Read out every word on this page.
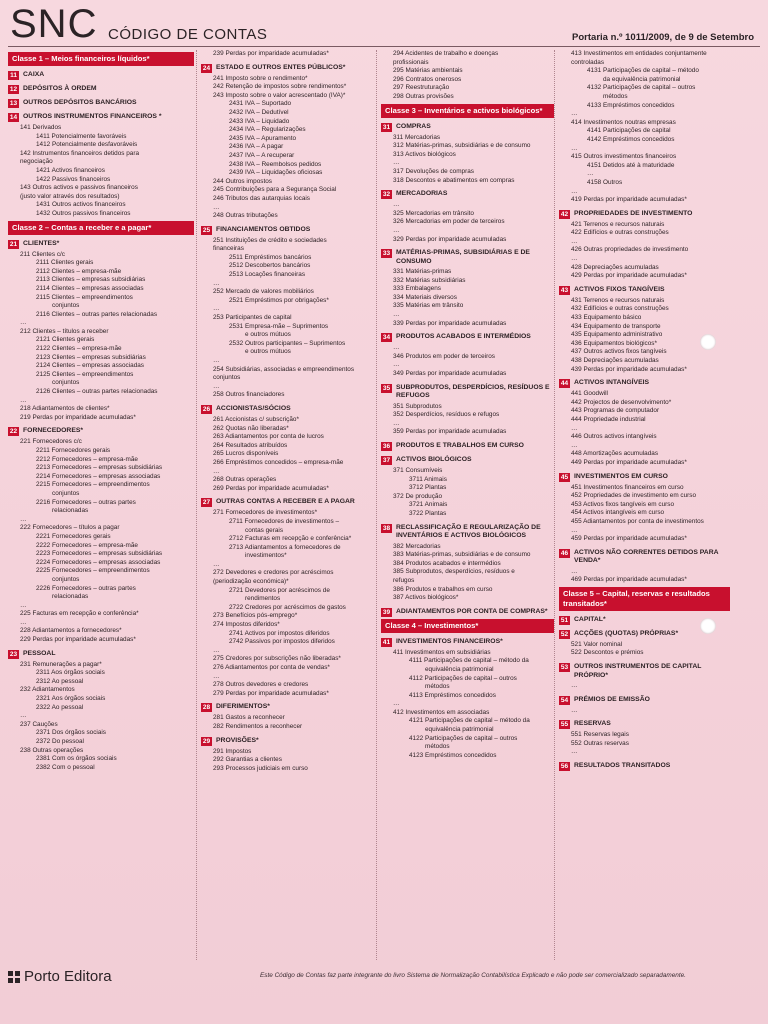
SNC CÓDIGO DE CONTAS	Portaria n.º 1011/2009, de 9 de Setembro
Classe 1 – Meios financeiros líquidos*
11 CAIXA
12 DEPÓSITOS À ORDEM
13 OUTROS DEPÓSITOS BANCÁRIOS
14 OUTROS INSTRUMENTOS FINANCEIROS *
141 Derivados
1411 Potencialmente favoráveis
1412 Potencialmente desfavoráveis
142 Instrumentos financeiros detidos para
negociação
1421 Activos financeiros
1422 Passivos financeiros
143 Outros activos e passivos financeiros
(justo valor através dos resultados)
1431 Outros activos financeiros
1432 Outros passivos financeiros
Classe 2 – Contas a receber e a pagar*
21 CLIENTES*
211 Clientes c/c
2111 Clientes gerais
2112 Clientes – empresa-mãe
2113 Clientes – empresas subsidiárias
2114 Clientes – empresas associadas
2115 Clientes – empreendimentos
conjuntos
2116 Clientes – outras partes relacionadas
…
212 Clientes – títulos a receber
2121 Clientes gerais
2122 Clientes – empresa-mãe
2123 Clientes – empresas subsidiárias
2124 Clientes – empresas associadas
2125 Clientes – empreendimentos
conjuntos
2126 Clientes – outras partes relacionadas
…
218 Adiantamentos de clientes*
219 Perdas por imparidade acumuladas*
22 FORNECEDORES*
221 Fornecedores c/c
2211 Fornecedores gerais
2212 Fornecedores – empresa-mãe
2213 Fornecedores – empresas subsidiárias
2214 Fornecedores – empresas associadas
2215 Fornecedores – empreendimentos
conjuntos
2216 Fornecedores – outras partes
relacionadas
…
222 Fornecedores – títulos a pagar
2221 Fornecedores gerais
2222 Fornecedores – empresa-mãe
2223 Fornecedores – empresas subsidiárias
2224 Fornecedores – empresas associadas
2225 Fornecedores – empreendimentos
conjuntos
2226 Fornecedores – outras partes
relacionadas
…
225 Facturas em recepção e conferência*
…
228 Adiantamentos a fornecedores*
229 Perdas por imparidade acumuladas*
23 PESSOAL
231 Remunerações a pagar*
2311 Aos órgãos sociais
2312 Ao pessoal
232 Adiantamentos
2321 Aos órgãos sociais
2322 Ao pessoal
…
237 Cauções
2371 Dos órgãos sociais
2372 Do pessoal
238 Outras operações
2381 Com os órgãos sociais
2382 Com o pessoal
239 Perdas por imparidade acumuladas*
24 ESTADO E OUTROS ENTES PÚBLICOS*
241 Imposto sobre o rendimento*
242 Retenção de impostos sobre rendimentos*
243 Imposto sobre o valor acrescentado (IVA)*
2431 IVA – Suportado
2432 IVA – Dedutível
2433 IVA – Liquidado
2434 IVA – Regularizações
2435 IVA – Apuramento
2436 IVA – A pagar
2437 IVA – A recuperar
2438 IVA – Reembolsos pedidos
2439 IVA – Liquidações oficiosas
244 Outros impostos
245 Contribuições para a Segurança Social
246 Tributos das autarquias locais
…
248 Outras tributações
25 FINANCIAMENTOS OBTIDOS
251 Instituições de crédito e sociedades
financeiras
2511 Empréstimos bancários
2512 Descobertos bancários
2513 Locações financeiras
…
252 Mercado de valores mobiliários
2521 Empréstimos por obrigações*
…
253 Participantes de capital
2531 Empresa-mãe – Suprimentos
e outros mútuos
2532 Outros participantes – Suprimentos
e outros mútuos
…
254 Subsidiárias, associadas e empreendimentos
conjuntos
…
258 Outros financiadores
26 ACCIONISTAS/SÓCIOS
261 Accionistas c/ subscrição*
262 Quotas não liberadas*
263 Adiantamentos por conta de lucros
264 Resultados atribuídos
265 Lucros disponíveis
266 Empréstimos concedidos – empresa-mãe
…
268 Outras operações
269 Perdas por imparidade acumuladas*
27 OUTRAS CONTAS A RECEBER E A PAGAR
271 Fornecedores de investimentos*
2711 Fornecedores de investimentos –
contas gerais
2712 Facturas em recepção e conferência*
2713 Adiantamentos a fornecedores de
investimentos*
…
272 Devedores e credores por acréscimos
(periodização económica)*
2721 Devedores por acréscimos de
rendimentos
2722 Credores por acréscimos de gastos
273 Benefícios pós-emprego*
274 Impostos diferidos*
2741 Activos por impostos diferidos
2742 Passivos por impostos diferidos
…
275 Credores por subscrições não liberadas*
276 Adiantamentos por conta de vendas*
…
278 Outros devedores e credores
279 Perdas por imparidade acumuladas*
28 DIFERIMENTOS*
281 Gastos a reconhecer
282 Rendimentos a reconhecer
29 PROVISÕES*
291 Impostos
292 Garantias a clientes
293 Processos judiciais em curso
294 Acidentes de trabalho e doenças
profissionais
295 Matérias ambientais
296 Contratos onerosos
297 Reestruturação
298 Outras provisões
Classe 3 – Inventários e activos biológicos*
31 COMPRAS
311 Mercadorias
312 Matérias-primas, subsidiárias e de consumo
313 Activos biológicos
…
317 Devoluções de compras
318 Descontos e abatimentos em compras
32 MERCADORIAS
…
325 Mercadorias em trânsito
326 Mercadorias em poder de terceiros
…
329 Perdas por imparidade acumuladas
33 MATÉRIAS-PRIMAS, SUBSIDIÁRIAS E DE CONSUMO
331 Matérias-primas
332 Matérias subsidiárias
333 Embalagens
334 Materiais diversos
335 Matérias em trânsito
…
339 Perdas por imparidade acumuladas
34 PRODUTOS ACABADOS E INTERMÉDIOS
…
346 Produtos em poder de terceiros
…
349 Perdas por imparidade acumuladas
35 SUBPRODUTOS, DESPERDÍCIOS, RESÍDUOS E REFUGOS
351 Subprodutos
352 Desperdícios, resíduos e refugos
…
359 Perdas por imparidade acumuladas
36 PRODUTOS E TRABALHOS EM CURSO
37 ACTIVOS BIOLÓGICOS
371 Consumíveis
3711 Animais
3712 Plantas
372 De produção
3721 Animais
3722 Plantas
38 RECLASSIFICAÇÃO E REGULARIZAÇÃO DE INVENTÁRIOS E ACTIVOS BIOLÓGICOS
382 Mercadorias
383 Matérias-primas, subsidiárias e de consumo
384 Produtos acabados e intermédios
385 Subprodutos, desperdícios, resíduos e
refugos
386 Produtos e trabalhos em curso
387 Activos biológicos*
39 ADIANTAMENTOS POR CONTA DE COMPRAS*
Classe 4 – Investimentos*
41 INVESTIMENTOS FINANCEIROS*
411 Investimentos em subsidiárias
4111 Participações de capital – método da
equivalência patrimonial
4112 Participações de capital – outros
métodos
4113 Empréstimos concedidos
…
412 Investimentos em associadas
4121 Participações de capital – método da
equivalência patrimonial
4122 Participações de capital – outros
métodos
4123 Empréstimos concedidos
413 Investimentos em entidades conjuntamente
controladas
4131 Participações de capital – método
da equivalência patrimonial
4132 Participações de capital – outros
métodos
4133 Empréstimos concedidos
…
414 Investimentos noutras empresas
4141 Participações de capital
4142 Empréstimos concedidos
…
415 Outros investimentos financeiros
4151 Detidos até à maturidade
…
4158 Outros
…
419 Perdas por imparidade acumuladas*
42 PROPRIEDADES DE INVESTIMENTO
421 Terrenos e recursos naturais
422 Edifícios e outras construções
…
426 Outras propriedades de investimento
…
428 Depreciações acumuladas
429 Perdas por imparidade acumuladas*
43 ACTIVOS FIXOS TANGÍVEIS
431 Terrenos e recursos naturais
432 Edifícios e outras construções
433 Equipamento básico
434 Equipamento de transporte
435 Equipamento administrativo
436 Equipamentos biológicos*
437 Outros activos fixos tangíveis
438 Depreciações acumuladas
439 Perdas por imparidade acumuladas*
44 ACTIVOS INTANGÍVEIS
441 Goodwill
442 Projectos de desenvolvimento*
443 Programas de computador
444 Propriedade industrial
…
446 Outros activos intangíveis
…
448 Amortizações acumuladas
449 Perdas por imparidade acumuladas*
45 INVESTIMENTOS EM CURSO
451 Investimentos financeiros em curso
452 Propriedades de investimento em curso
453 Activos fixos tangíveis em curso
454 Activos intangíveis em curso
455 Adiantamentos por conta de investimentos
…
459 Perdas por imparidade acumuladas*
46 ACTIVOS NÃO CORRENTES DETIDOS PARA VENDA*
…
469 Perdas por imparidade acumuladas*
Classe 5 – Capital, reservas e resultados transitados*
51 CAPITAL*
52 ACÇÕES (QUOTAS) PRÓPRIAS*
521 Valor nominal
522 Descontos e prémios
53 OUTROS INSTRUMENTOS DE CAPITAL PRÓPRIO*
…
54 PRÉMIOS DE EMISSÃO
…
55 RESERVAS
551 Reservas legais
552 Outras reservas
…
56 RESULTADOS TRANSITADOS
Porto Editora	Este Código de Contas faz parte integrante do livro Sistema de Normalização Contabilística Explicado e não pode ser comercializado separadamente.
